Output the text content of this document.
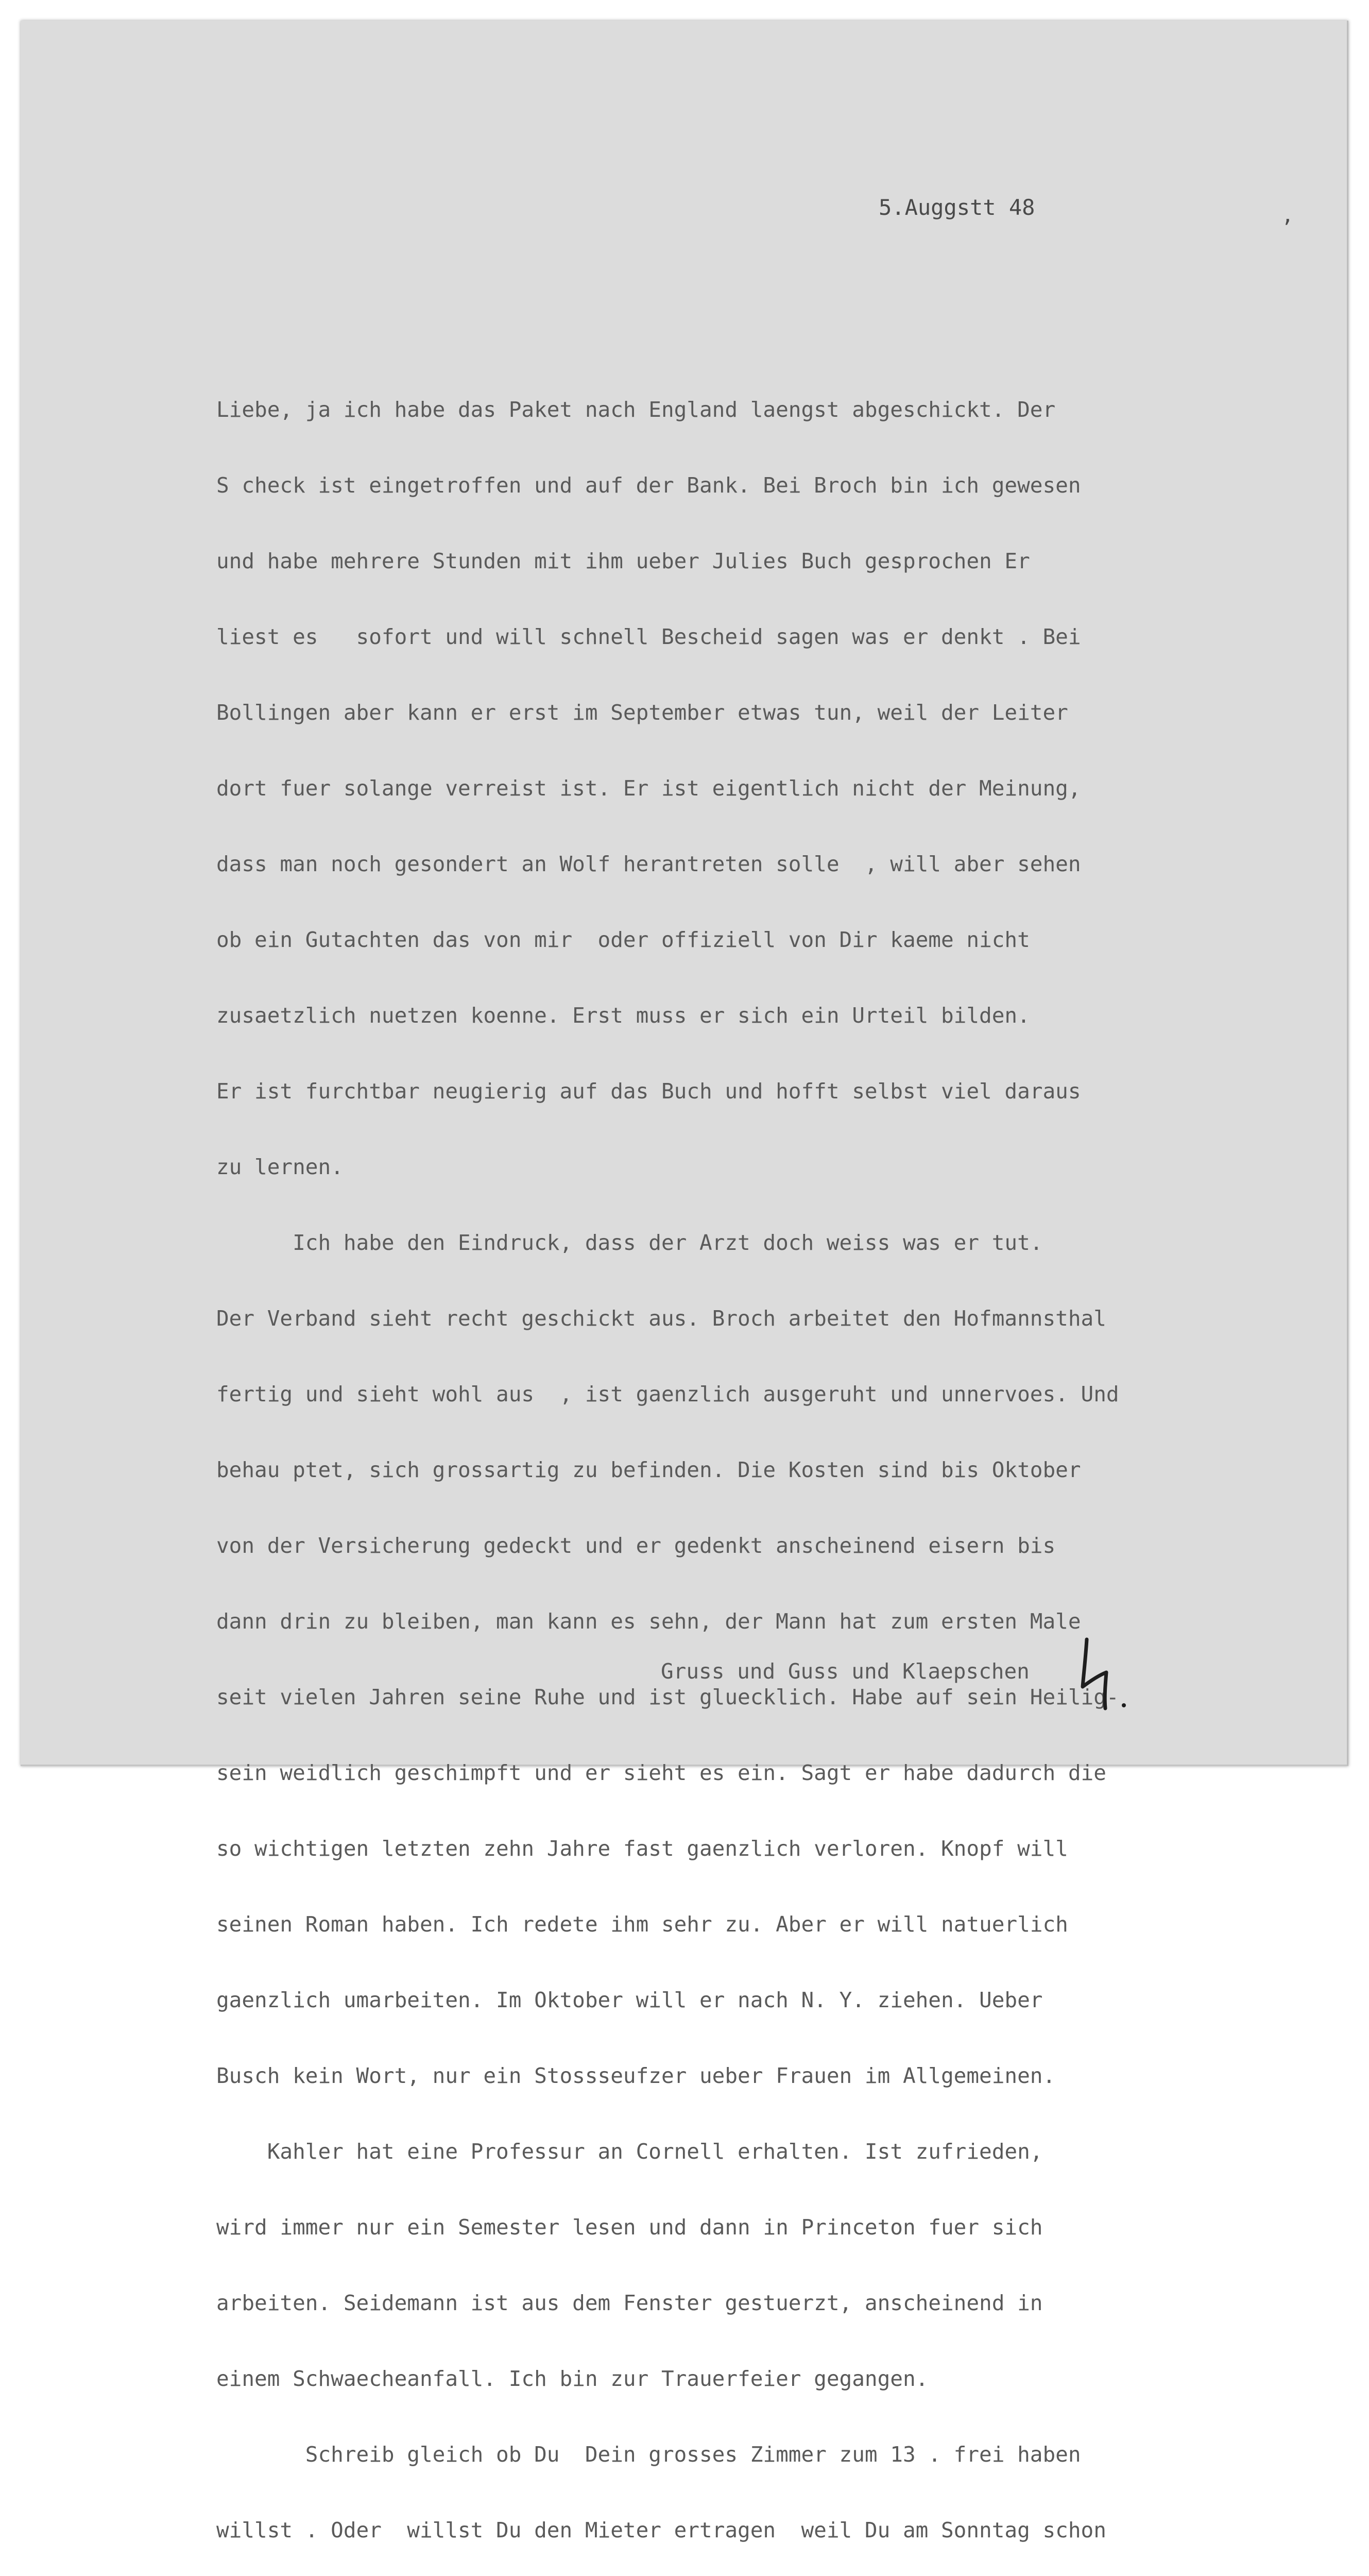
5.Auggstt 48	,

Liebe, ja ich habe das Paket nach England laengst abgeschickt. Der

S check ist eingetroffen und auf der Bank. Bei Broch bin ich gewesen

und habe mehrere Stunden mit ihm ueber Julies Buch gesprochen Er

liest es   sofort und will schnell Bescheid sagen was er denkt . Bei

Bollingen aber kann er erst im September etwas tun, weil der Leiter

dort fuer solange verreist ist. Er ist eigentlich nicht der Meinung,

dass man noch gesondert an Wolf herantreten solle  , will aber sehen

ob ein Gutachten das von mir  oder offiziell von Dir kaeme nicht

zusaetzlich nuetzen koenne. Erst muss er sich ein Urteil bilden.

Er ist furchtbar neugierig auf das Buch und hofft selbst viel daraus

zu lernen.

Ich habe den Eindruck, dass der Arzt doch weiss was er tut.

Der Verband sieht recht geschickt aus. Broch arbeitet den Hofmannsthal

fertig und sieht wohl aus  , ist gaenzlich ausgeruht und unnervoes. Und

behau ptet, sich grossartig zu befinden. Die Kosten sind bis Oktober

von der Versicherung gedeckt und er gedenkt anscheinend eisern bis

dann drin zu bleiben, man kann es sehn, der Mann hat zum ersten Male

seit vielen Jahren seine Ruhe und ist gluecklich. Habe auf sein Heilig-

sein weidlich geschimpft und er sieht es ein. Sagt er habe dadurch die

so wichtigen letzten zehn Jahre fast gaenzlich verloren. Knopf will

seinen Roman haben. Ich redete ihm sehr zu. Aber er will natuerlich

gaenzlich umarbeiten. Im Oktober will er nach N. Y. ziehen. Ueber

Busch kein Wort, nur ein Stossseufzer ueber Frauen im Allgemeinen.

Kahler hat eine Professur an Cornell erhalten. Ist zufrieden,

wird immer nur ein Semester lesen und dann in Princeton fuer sich

arbeiten. Seidemann ist aus dem Fenster gestuerzt, anscheinend in

einem Schwaecheanfall. Ich bin zur Trauerfeier gegangen.

Schreib gleich ob Du  Dein grosses Zimmer zum 13 . frei haben

willst . Oder  willst Du den Mieter ertragen  weil Du am Sonntag schon

Gruss und Guss und Klaepschen
